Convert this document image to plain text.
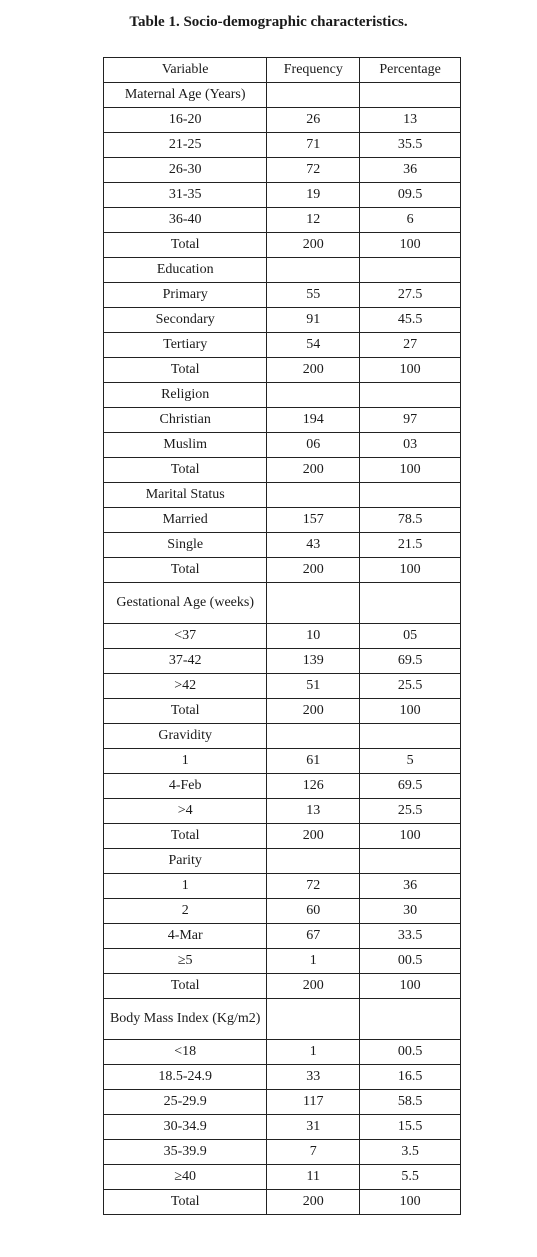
Table 1. Socio-demographic characteristics.
Variable	Frequency	Percentage
Maternal Age (Years)		
16-20	26	13
21-25	71	35.5
26-30	72	36
31-35	19	09.5
36-40	12	6
Total	200	100
Education		
Primary	55	27.5
Secondary	91	45.5
Tertiary	54	27
Total	200	100
Religion		
Christian	194	97
Muslim	06	03
Total	200	100
Marital Status		
Married	157	78.5
Single	43	21.5
Total	200	100
Gestational Age (weeks)		
<37	10	05
37-42	139	69.5
>42	51	25.5
Total	200	100
Gravidity		
1	61	5
4-Feb	126	69.5
>4	13	25.5
Total	200	100
Parity		
1	72	36
2	60	30
4-Mar	67	33.5
≥5	1	00.5
Total	200	100
Body Mass Index (Kg/m2)		
<18	1	00.5
18.5-24.9	33	16.5
25-29.9	117	58.5
30-34.9	31	15.5
35-39.9	7	3.5
≥40	11	5.5
Total	200	100
